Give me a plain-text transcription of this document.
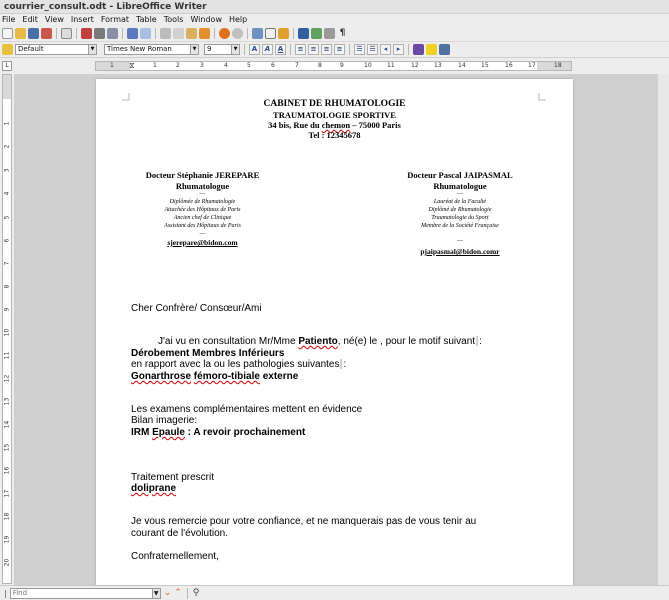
courrier_consult.odt - LibreOffice Writer
File Edit View Insert Format Table Tools Window Help
¶
Default	▼	Times New Roman	▼	9	▼	A	A	A	≡	≡	≡	≡	☰ ☰	◂	▸
L	1 ⧖	1	2	3	4	5	6	7	8	9	10	11	12	13	14	15	16	17	18
1
2
3
4
5
6
7
8
9
10
11
12
13
14
15
16
17
18
19
20
CABINET DE RHUMATOLOGIE
TRAUMATOLOGIE SPORTIVE
34 bis, Rue du chemon – 75000 Paris
Tel : 12345678
Docteur Stéphanie JEREPARE
Rhumatologue
—
Diplômée de Rhumatologie
Attachée des Hôpitaux de Paris
Ancien chef de Clinique
Assistant des Hôpitaux de Paris
—
sjerepare@bidon.com
Docteur Pascal JAIPASMAL
Rhumatologue
—
Lauréat de la Faculté
Diplômé de Rhumatologie
Traumatologie du Sport
Membre de la Société Française
—
pjaipasmal@bidon.comr
Cher Confrère/ Consœur/Ami
J'ai vu en consultation Mr/Mme Patiento, né(e) le , pour le motif suivant :
Dérobement Membres Inférieurs
en rapport avec la ou les pathologies suivantes :
Gonarthrose fémoro-tibiale externe
Les examens complémentaires mettent en évidence
Bilan imagerie:
IRM Epaule : A revoir prochainement
Traitement prescrit
doliprane
Je vous remercie pour votre confiance, et ne manquerais pas de vous tenir au
courant de l'évolution.
Confraternellement,
|
Find	▼ ⌄ ⌃ ⚲
